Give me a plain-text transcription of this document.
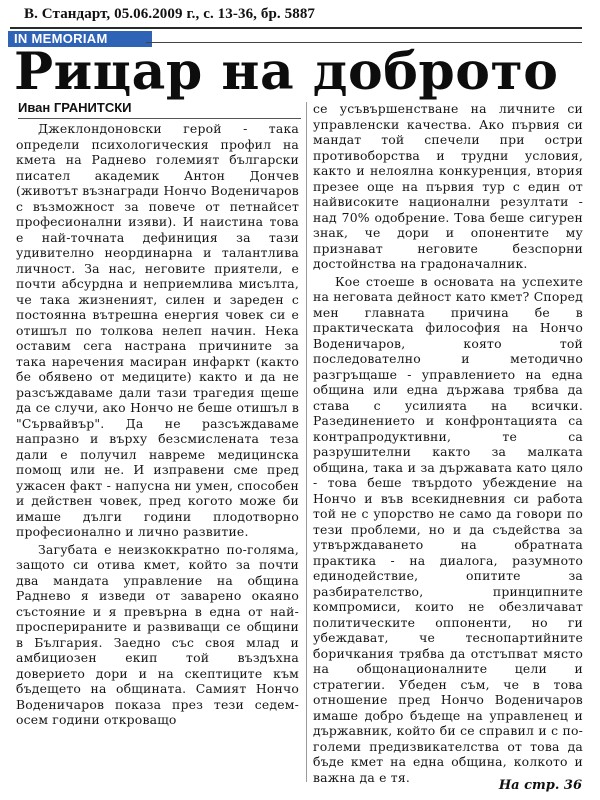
В. Стандарт, 05.06.2009 г., с. 13-36, бр. 5887
IN MEMORIAM
Рицар на доброто
Иван ГРАНИТСКИ

Джеклондоновски герой - така определи психологическия профил на кмета на Раднево големият български писател академик Антон Дончев (животът възнагради Нончо Воденичаров с възможност за повече от петнайсет професионални изяви). И наистина това е най-точната дефиниция за тази удивително неординарна и талантлива личност. За нас, неговите приятели, е почти абсурдна и неприемлива мисълта, че така жизненият, силен и зареден с постоянна вътрешна енергия човек си е отишъл по толкова нелеп начин. Нека оставим сега настрана причините за така наречения масиран инфаркт (както бе обявено от медиците) както и да не разсъждаваме дали тази трагедия щеше да се случи, ако Нончо не беше отишъл в "Сървайвър". Да не разсъждаваме напразно и върху безсмислената теза дали е получил навреме медицинска помощ или не. И изправени сме пред ужасен факт - напусна ни умен, способен и действен човек, пред когото може би имаше дълги години плодотворно професионално и лично развитие.

Загубата е неизкоккратно по-голяма, защото си отива кмет, който за почти два мандата управление на община Раднево я изведи от заварено окаяно състояние и я превърна в една от най-просперираните и развиващи се общини в България. Заедно със своя млад и амбициозен екип той въздъхна доверието дори и на скептиците към бъдещето на общината. Самият Нончо Воденичаров показа през тези седем-осем години откроващо

се усъвършенстване на личните си управленски качества. Ако първия си мандат той спечели при остри противоборства и трудни условия, както и нелоялна конкуренция, втория презее още на първия тур с един от найвисоките национални резултати - над 70% одобрение. Това беше сигурен знак, че дори и опонентите му признават неговите безспорни достойнства на градоначалник.

Кое стоеше в основата на успехите на неговата дейност като кмет? Според мен главната причина бе в практическата философия на Нончо Воденичаров, която той последователно и методично разгръщаше - управлението на една община или една държава трябва да става с усилията на всички. Разединението и конфронтацията са контрапродуктивни, те са разрушителни както за малката община, така и за държавата като цяло - това беше твърдото убеждение на Нончо и във всекидневния си работа той не с упорство не само да говори по тези проблеми, но и да съдейства за утвърждаването на обратната практика - на диалога, разумното единодействие, опитите за разбирателство, принципните компромиси, които не обезличават политическите оппоненти, но ги убеждават, че теснопартийните боричкания трябва да отстъпват място на общонационалните цели и стратегии. Убеден съм, че в това отношение пред Нончо Воденичаров имаше добро бъдеще на управленец и държавник, който би се справил и с по-големи предизвикателства от това да бъде кмет на една община, колкото и важна да е тя.

На стр. 36
